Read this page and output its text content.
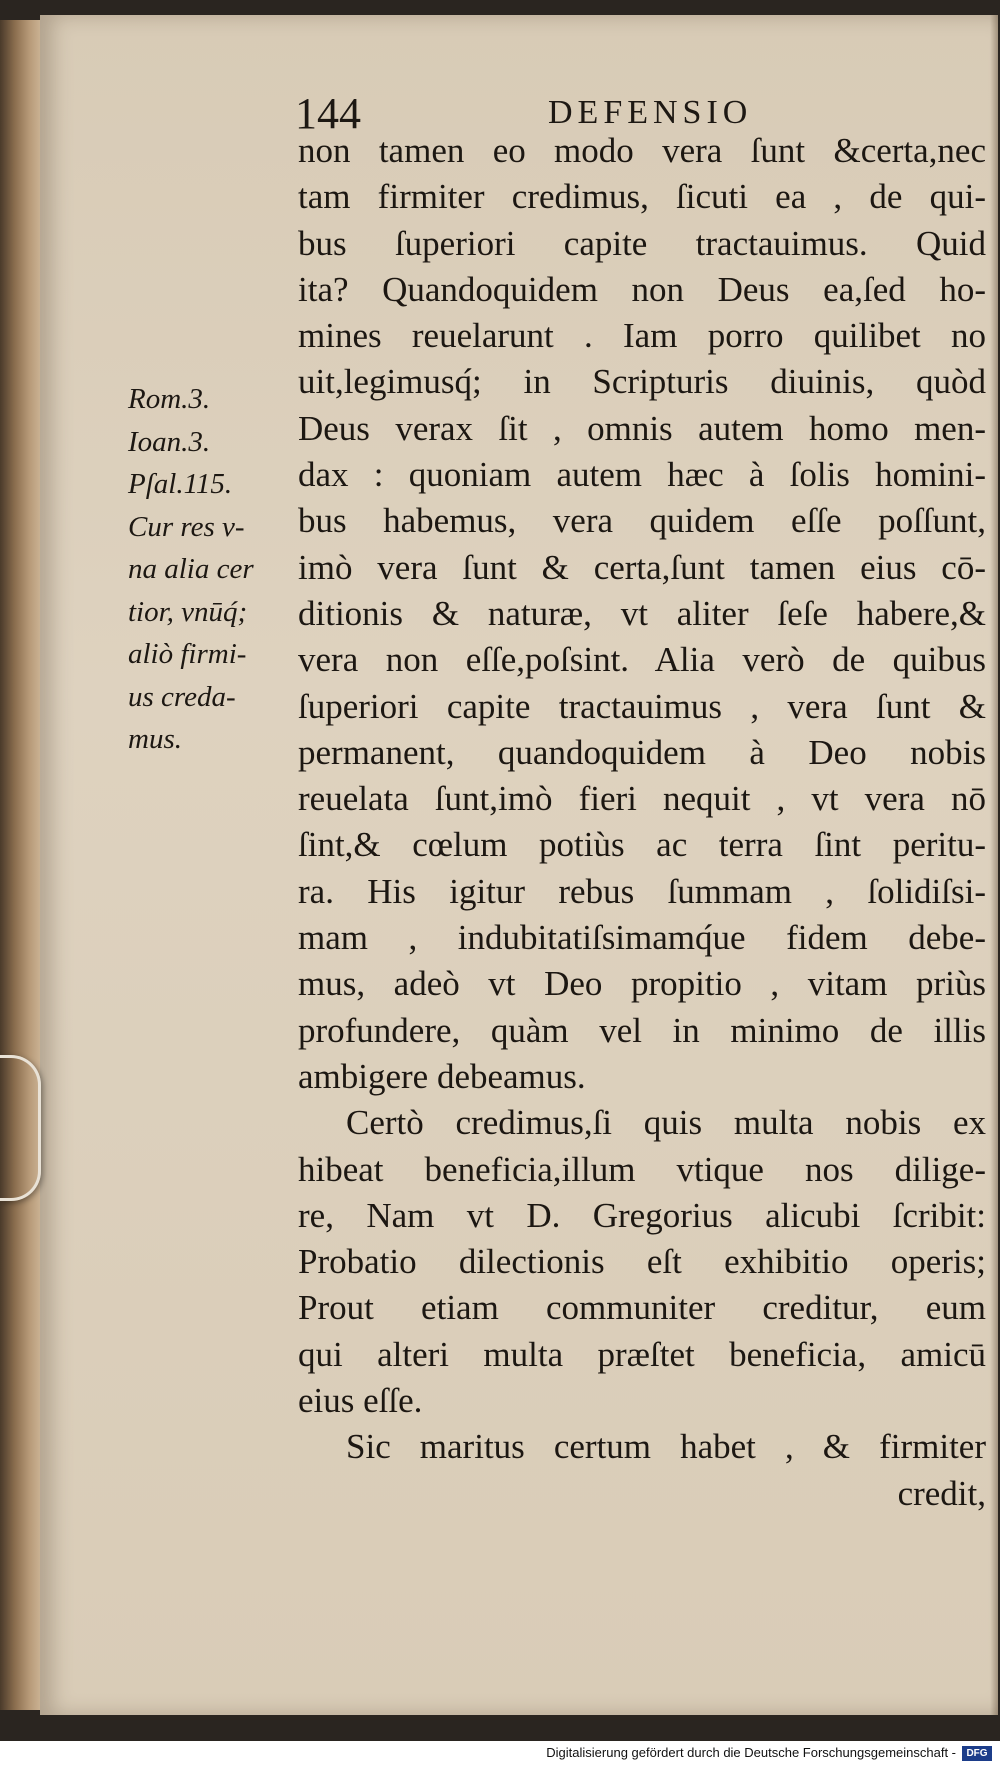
144	DEFENSIO
Rom.3.
Ioan.3.
Pſal.115.
Cur res v-
na alia cer
tior, vnūq́;
aliò firmi-
us creda-
mus.
non tamen eo modo vera ſunt &certa,nec
tam firmiter credimus, ſicuti ea , de qui-
bus ſuperiori capite tractauimus. Quid
ita? Quandoquidem non Deus ea,ſed ho-
mines reuelarunt . Iam porro quilibet no
uit,legimusq́; in Scripturis diuinis, quòd
Deus verax ſit , omnis autem homo men-
dax : quoniam autem hæc à ſolis homini-
bus habemus, vera quidem eſſe poſſunt,
imò vera ſunt & certa,ſunt tamen eius cō-
ditionis & naturæ, vt aliter ſeſe habere,&
vera non eſſe,poſsint. Alia verò de quibus
ſuperiori capite tractauimus , vera ſunt &
permanent, quandoquidem à Deo nobis
reuelata ſunt,imò fieri nequit , vt vera nō
ſint,& cœlum potiùs ac terra ſint peritu-
ra. His igitur rebus ſummam , ſolidiſsi-
mam , indubitatiſsimamq́ue fidem debe-
mus, adeò vt Deo propitio , vitam priùs
profundere, quàm vel in minimo de illis
ambigere debeamus.
Certò credimus,ſi quis multa nobis ex
hibeat beneficia,illum vtique nos dilige-
re, Nam vt D. Gregorius alicubi ſcribit:
Probatio dilectionis eſt exhibitio operis;
Prout etiam communiter creditur, eum
qui alteri multa præſtet beneficia, amicū
eius eſſe.
Sic maritus certum habet , & firmiter
credit,
Digitalisierung gefördert durch die Deutsche Forschungsgemeinschaft -	DFG
